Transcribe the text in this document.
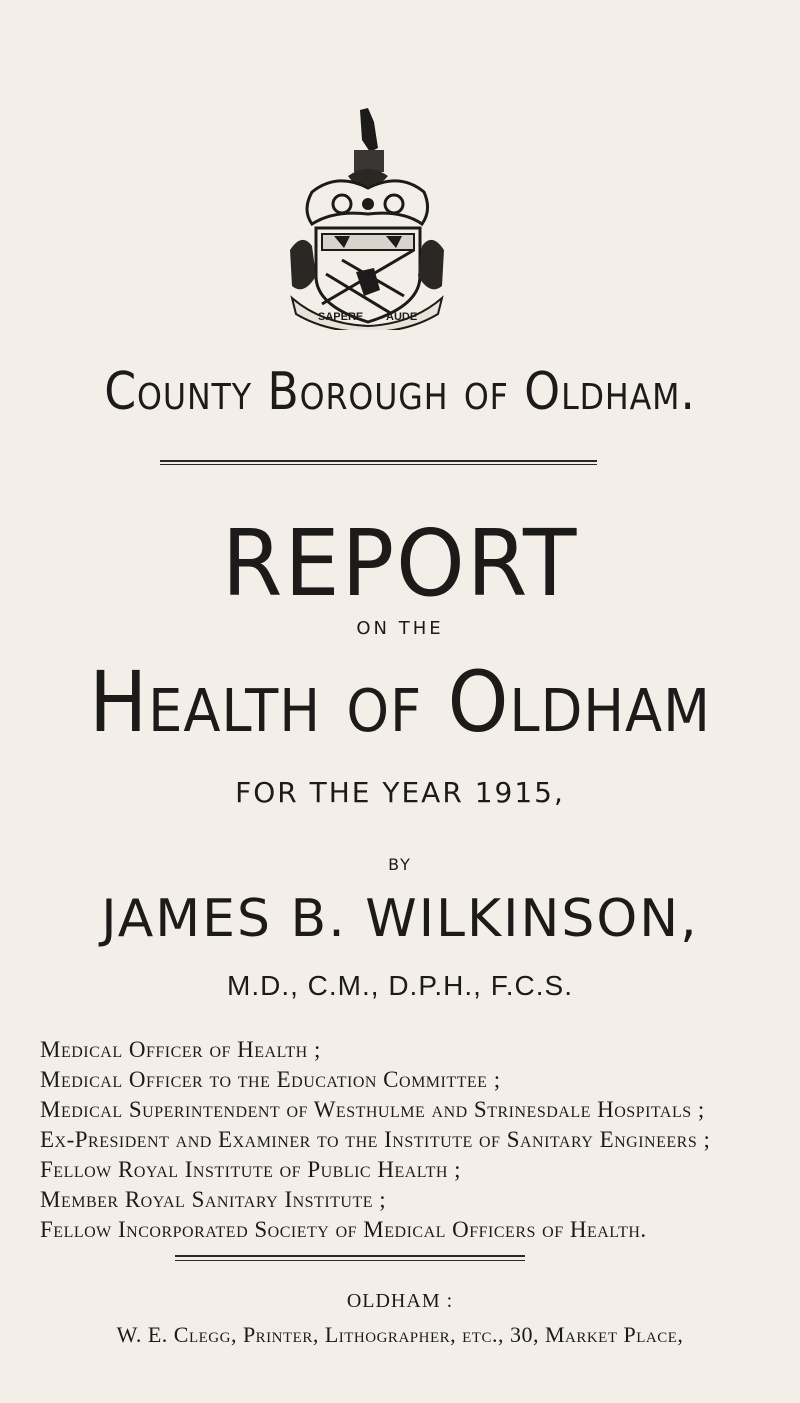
SAPERE AUDE
County Borough of Oldham.
REPORT
ON THE
Health of Oldham
FOR THE YEAR 1915,
BY
JAMES B. WILKINSON,
M.D., C.M., D.P.H., F.C.S.
Medical Officer of Health ;
Medical Officer to the Education Committee ;
Medical Superintendent of Westhulme and Strinesdale Hospitals ;
Ex-President and Examiner to the Institute of Sanitary Engineers ;
Fellow Royal Institute of Public Health ;
Member Royal Sanitary Institute ;
Fellow Incorporated Society of Medical Officers of Health.
OLDHAM :
W. E. Clegg, Printer, Lithographer, etc., 30, Market Place,
